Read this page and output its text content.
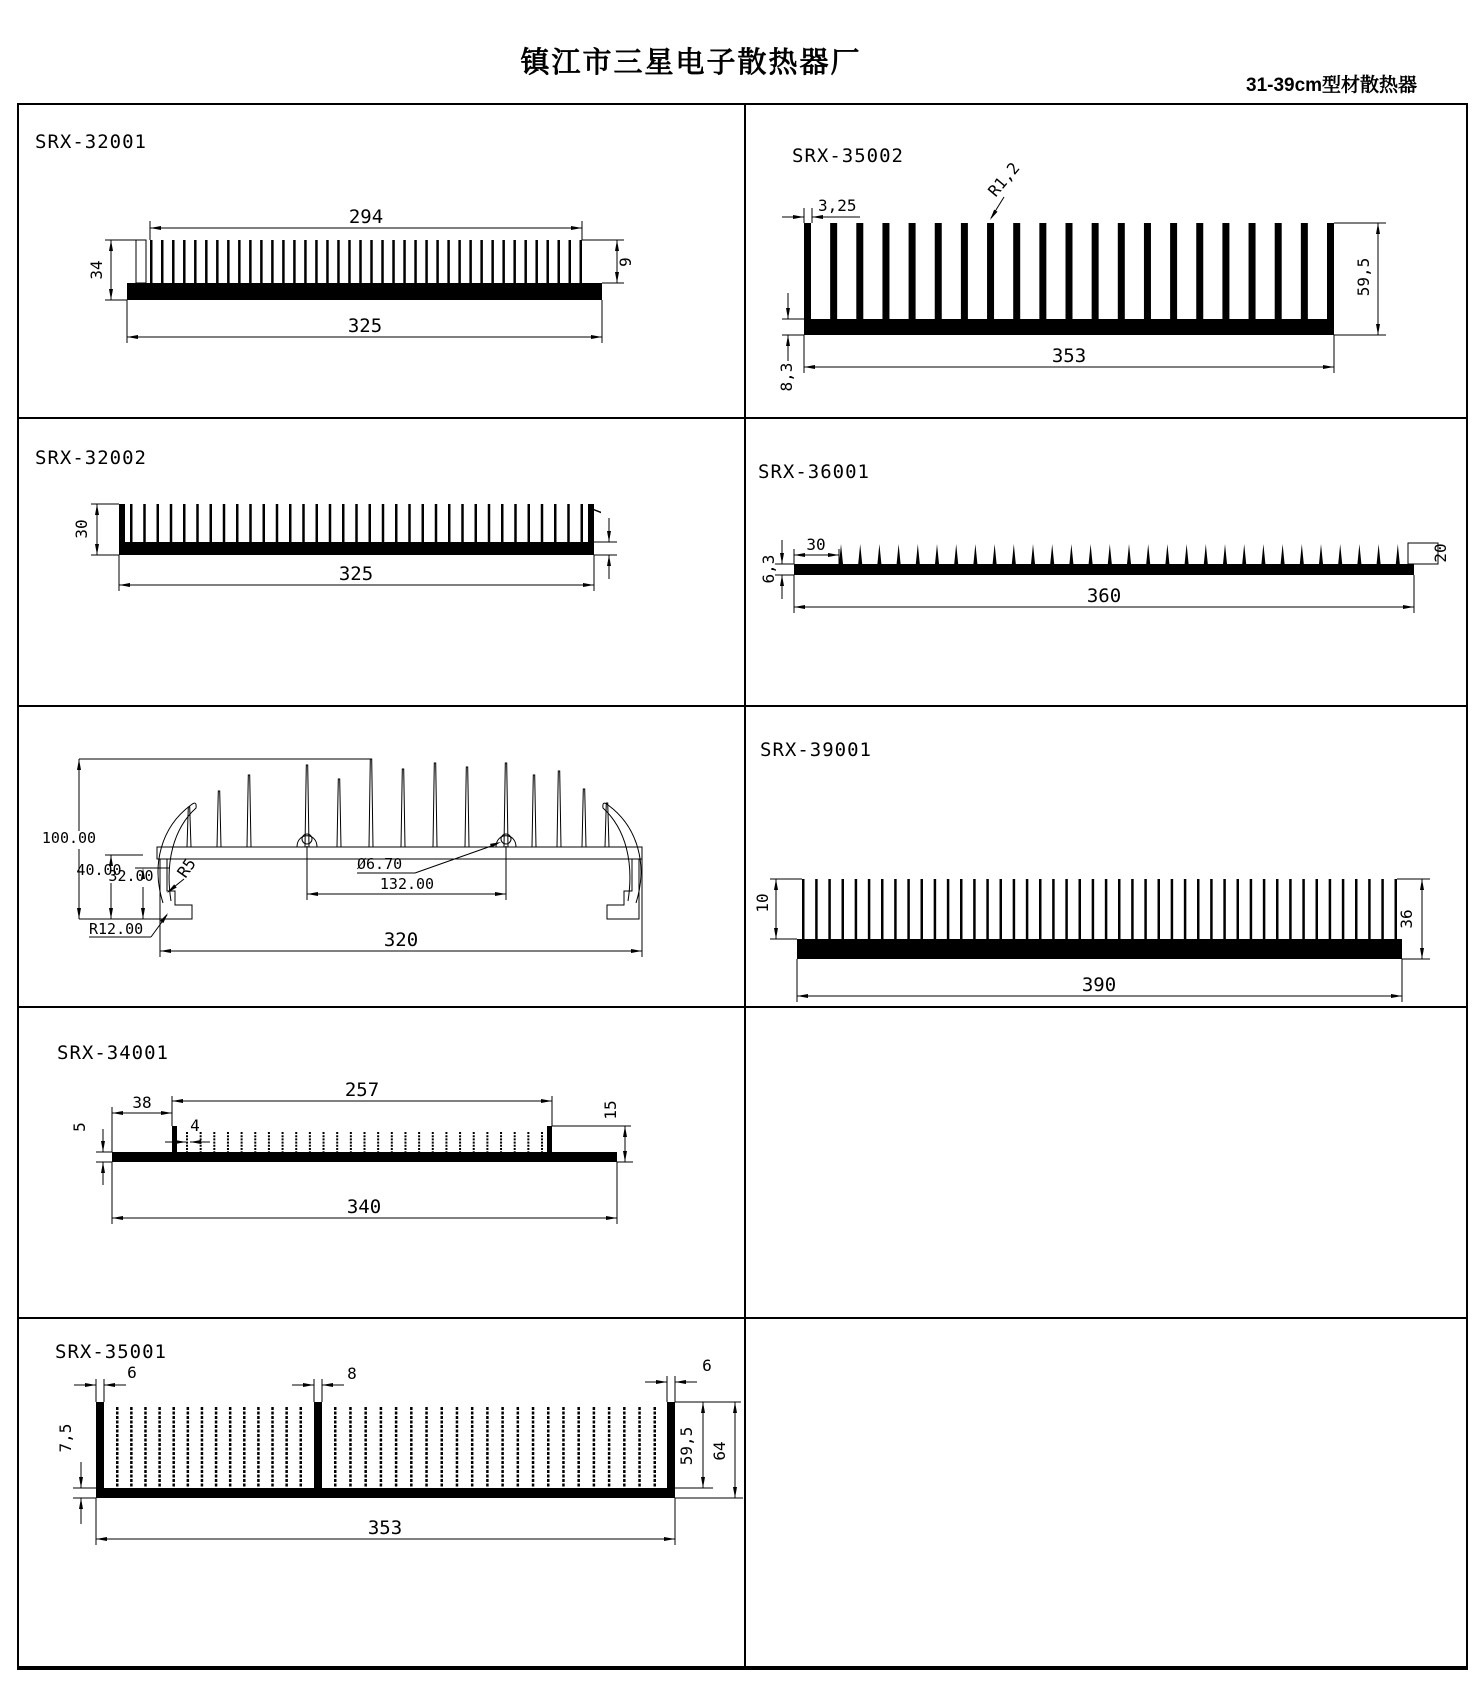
镇江市三星电子散热器厂
31-39cm型材散热器
SRX-32001
294
34	9
325
SRX-35002
3,25
R1,2
59,5
8,3
353
SRX-32002
30
7
325
SRX-36001
30
6,3
20
360
100.00
40.00
32.00 R5
R12.00
Ø6.70
132.00
320
SRX-39001
10
36
390
SRX-34001
38
257
4
5
15
340
SRX-35001
6	8	6
7,5	59,5 64
353
